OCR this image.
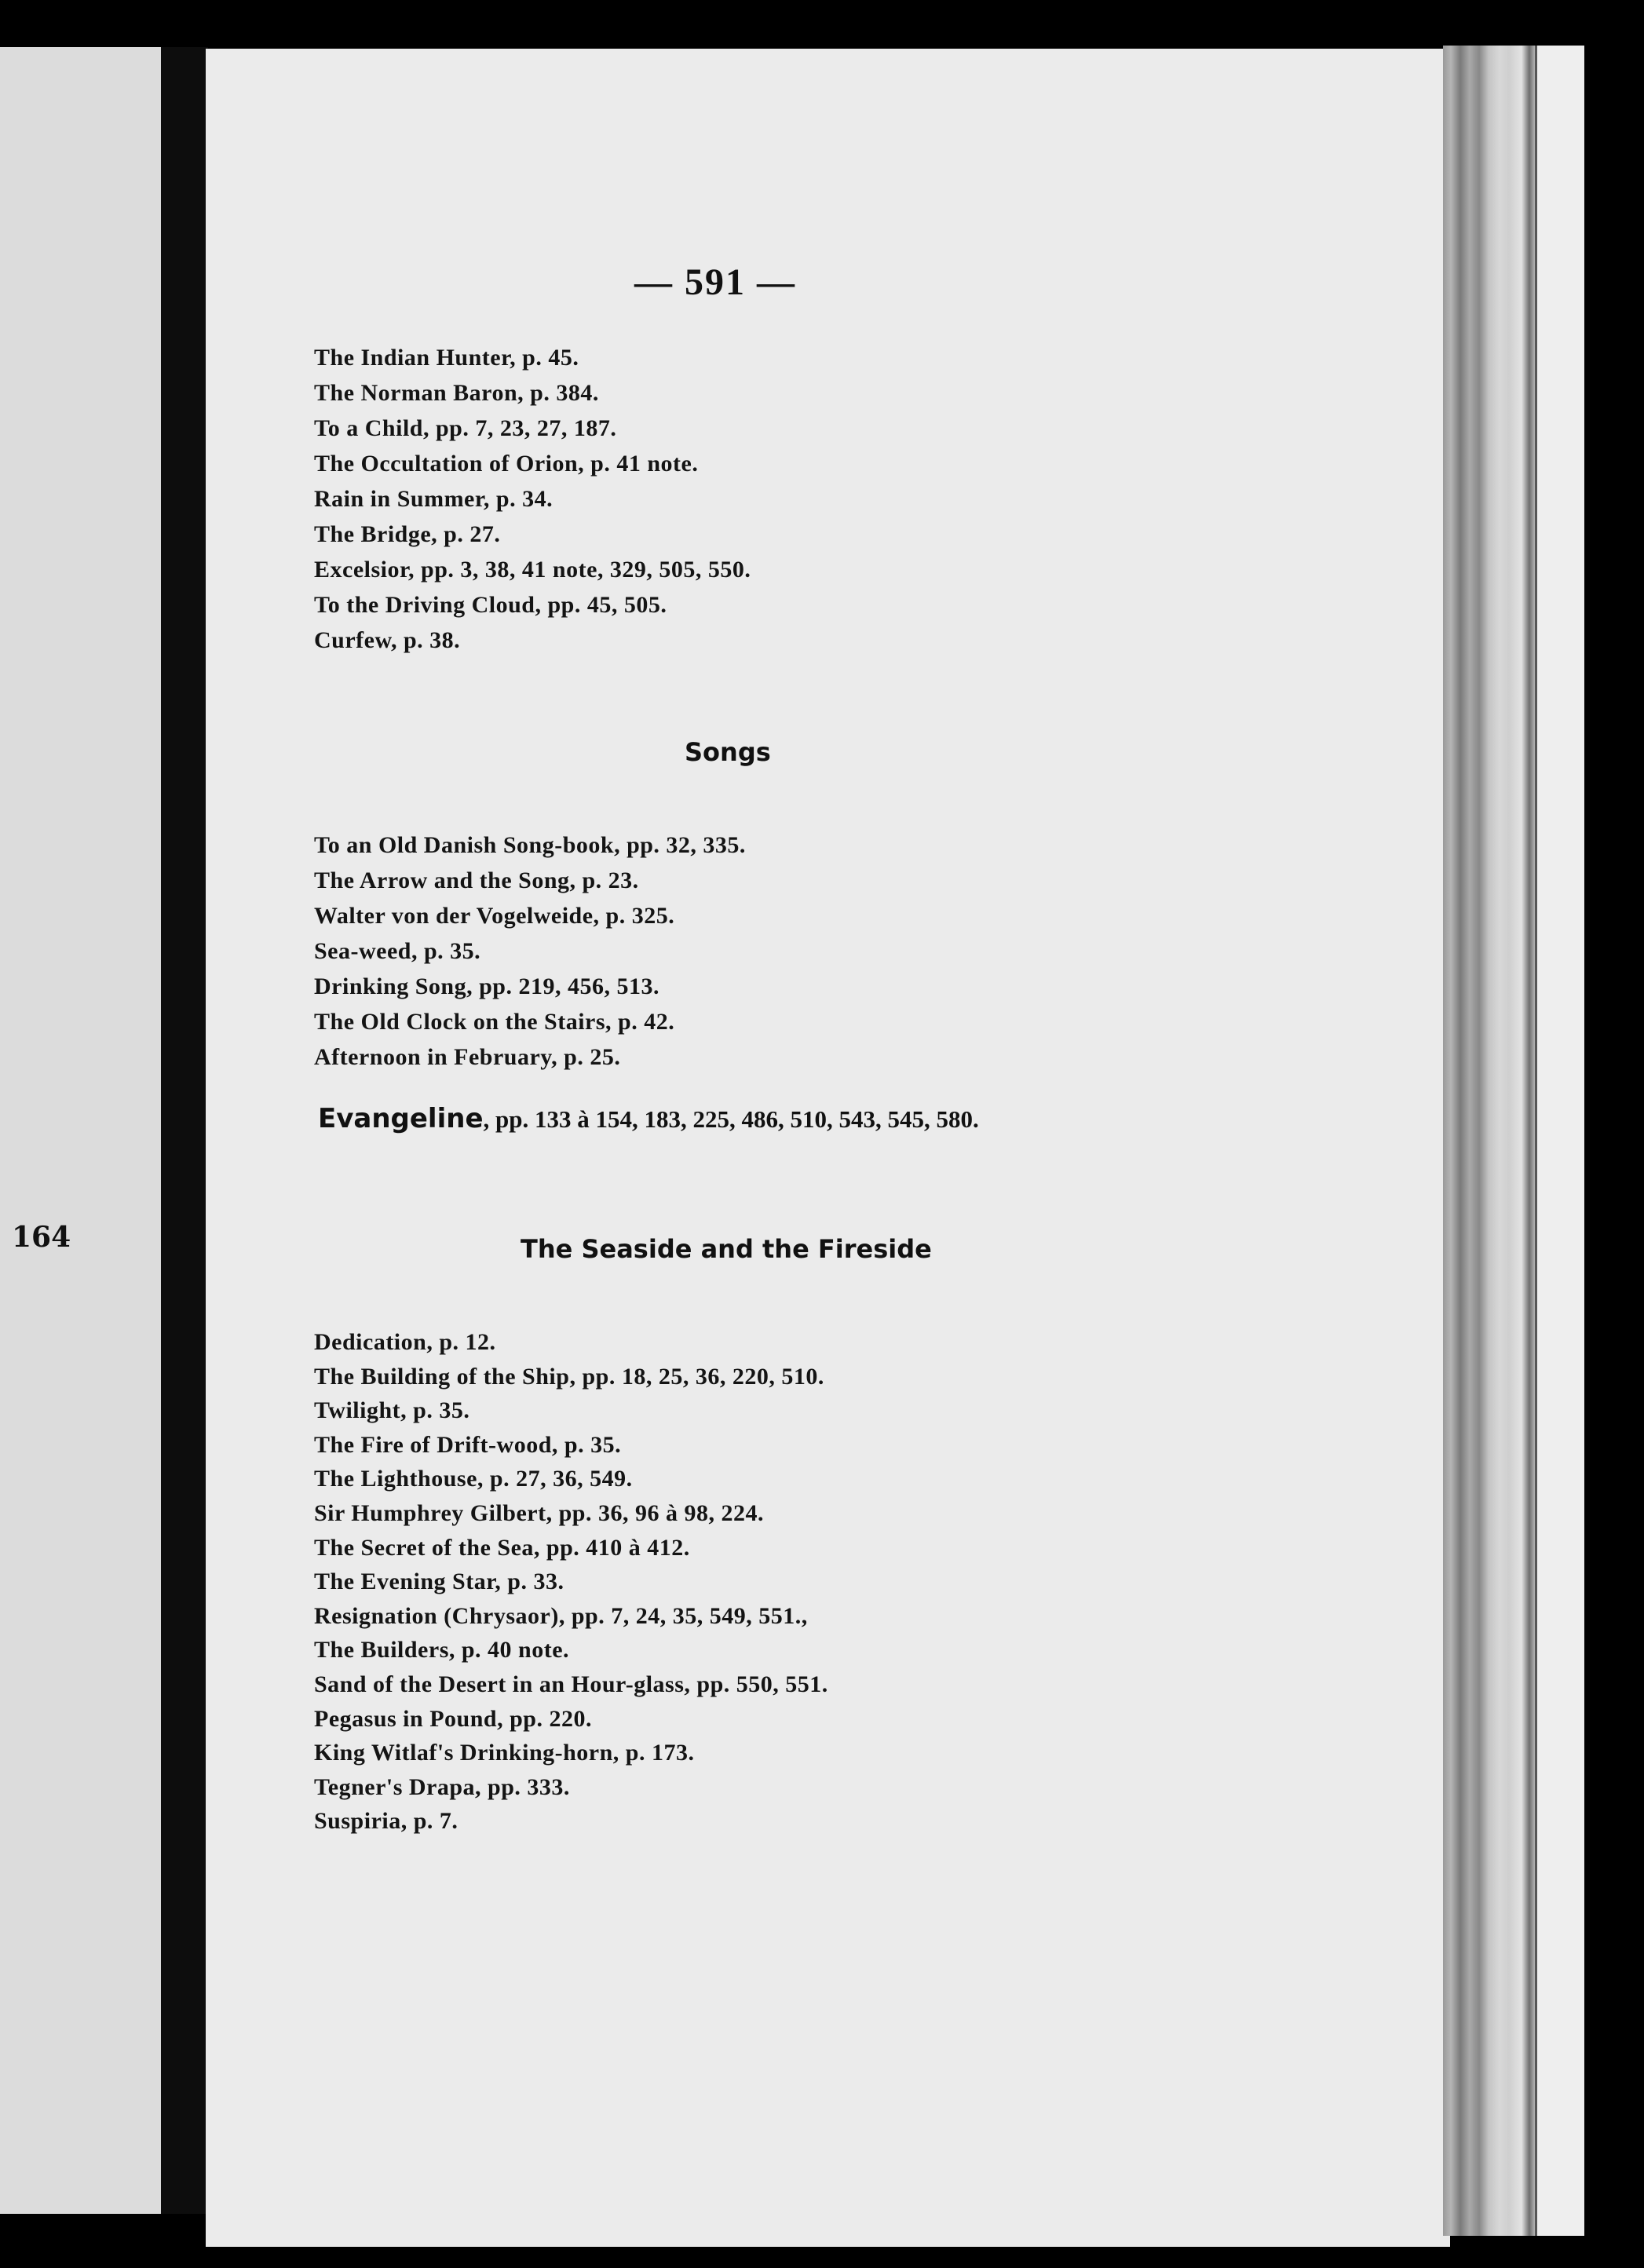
164
— 591 —
The Indian Hunter, p. 45.
The Norman Baron, p. 384.
To a Child, pp. 7, 23, 27, 187.
The Occultation of Orion, p. 41 note.
Rain in Summer, p. 34.
The Bridge, p. 27.
Excelsior, pp. 3, 38, 41 note, 329, 505, 550.
To the Driving Cloud, pp. 45, 505.
Curfew, p. 38.
Songs
To an Old Danish Song-book, pp. 32, 335.
The Arrow and the Song, p. 23.
Walter von der Vogelweide, p. 325.
Sea-weed, p. 35.
Drinking Song, pp. 219, 456, 513.
The Old Clock on the Stairs, p. 42.
Afternoon in February, p. 25.
Evangeline, pp. 133 à 154, 183, 225, 486, 510, 543, 545, 580.
The Seaside and the Fireside
Dedication, p. 12.
The Building of the Ship, pp. 18, 25, 36, 220, 510.
Twilight, p. 35.
The Fire of Drift-wood, p. 35.
The Lighthouse, p. 27, 36, 549.
Sir Humphrey Gilbert, pp. 36, 96 à 98, 224.
The Secret of the Sea, pp. 410 à 412.
The Evening Star, p. 33.
Resignation (Chrysaor), pp. 7, 24, 35, 549, 551.,
The Builders, p. 40 note.
Sand of the Desert in an Hour-glass, pp. 550, 551.
Pegasus in Pound, pp. 220.
King Witlaf's Drinking-horn, p. 173.
Tegner's Drapa, pp. 333.
Suspiria, p. 7.
